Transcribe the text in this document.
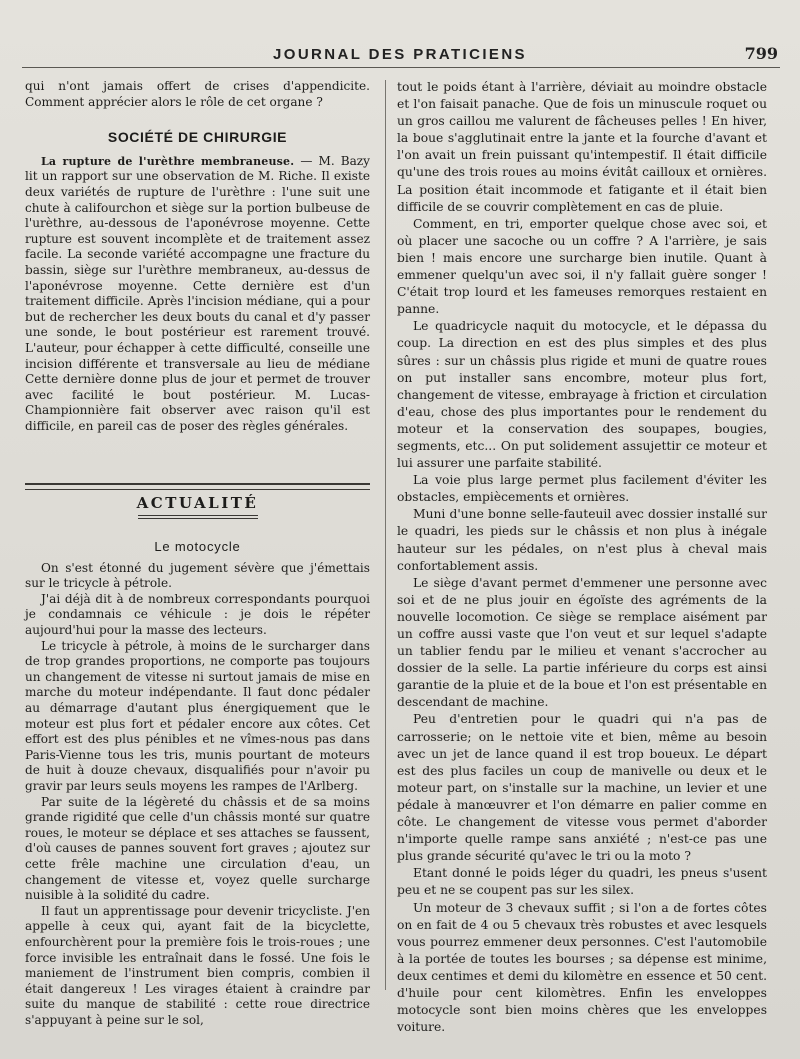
JOURNAL DES PRATICIENS	799

qui n'ont jamais offert de crises d'appendicite. Comment apprécier alors le rôle de cet organe ?

SOCIÉTÉ DE CHIRURGIE

La rupture de l'urèthre membraneuse. — M. Bazy lit un rapport sur une observation de M. Riche. Il existe deux variétés de rupture de l'urèthre : l'une suit une chute à califourchon et siège sur la portion bulbeuse de l'urèthre, au-dessous de l'aponévrose moyenne. Cette rupture est souvent incomplète et de traitement assez facile. La seconde variété accompagne une fracture du bassin, siège sur l'urèthre membraneux, au-dessus de l'aponévrose moyenne. Cette dernière est d'un traitement difficile. Après l'incision médiane, qui a pour but de rechercher les deux bouts du canal et d'y passer une sonde, le bout postérieur est rarement trouvé. L'auteur, pour échapper à cette difficulté, conseille une incision différente et transversale au lieu de médiane Cette dernière donne plus de jour et permet de trouver avec facilité le bout postérieur. M. Lucas-Championnière fait observer avec raison qu'il est difficile, en pareil cas de poser des règles générales.

ACTUALITÉ
Le motocycle

On s'est étonné du jugement sévère que j'émettais sur le tricycle à pétrole.

J'ai déjà dit à de nombreux correspondants pourquoi je condamnais ce véhicule : je dois le répéter aujourd'hui pour la masse des lecteurs.

Le tricycle à pétrole, à moins de le surcharger dans de trop grandes proportions, ne comporte pas toujours un changement de vitesse ni surtout jamais de mise en marche du moteur indépendante. Il faut donc pédaler au démarrage d'autant plus énergiquement que le moteur est plus fort et pédaler encore aux côtes. Cet effort est des plus pénibles et ne vîmes-nous pas dans Paris-Vienne tous les tris, munis pourtant de moteurs de huit à douze chevaux, disqualifiés pour n'avoir pu gravir par leurs seuls moyens les rampes de l'Arlberg.

Par suite de la légèreté du châssis et de sa moins grande rigidité que celle d'un châssis monté sur quatre roues, le moteur se déplace et ses attaches se faussent, d'où causes de pannes souvent fort graves ; ajoutez sur cette frêle machine une circulation d'eau, un changement de vitesse et, voyez quelle surcharge nuisible à la solidité du cadre.

Il faut un apprentissage pour devenir tricycliste. J'en appelle à ceux qui, ayant fait de la bicyclette, enfourchèrent pour la première fois le trois-roues ; une force invisible les entraînait dans le fossé. Une fois le maniement de l'instrument bien compris, combien il était dangereux ! Les virages étaient à craindre par suite du manque de stabilité : cette roue directrice s'appuyant à peine sur le sol,

tout le poids étant à l'arrière, déviait au moindre obstacle et l'on faisait panache. Que de fois un minuscule roquet ou un gros caillou me valurent de fâcheuses pelles ! En hiver, la boue s'agglutinait entre la jante et la fourche d'avant et l'on avait un frein puissant qu'intempestif. Il était difficile qu'une des trois roues au moins évitât cailloux et ornières. La position était incommode et fatigante et il était bien difficile de se couvrir complètement en cas de pluie.

Comment, en tri, emporter quelque chose avec soi, et où placer une sacoche ou un coffre ? A l'arrière, je sais bien ! mais encore une surcharge bien inutile. Quant à emmener quelqu'un avec soi, il n'y fallait guère songer ! C'était trop lourd et les fameuses remorques restaient en panne.

Le quadricycle naquit du motocycle, et le dépassa du coup. La direction en est des plus simples et des plus sûres : sur un châssis plus rigide et muni de quatre roues on put installer sans encombre, moteur plus fort, changement de vitesse, embrayage à friction et circulation d'eau, chose des plus importantes pour le rendement du moteur et la conservation des soupapes, bougies, segments, etc... On put solidement assujettir ce moteur et lui assurer une parfaite stabilité.

La voie plus large permet plus facilement d'éviter les obstacles, empiècements et ornières.

Muni d'une bonne selle-fauteuil avec dossier installé sur le quadri, les pieds sur le châssis et non plus à inégale hauteur sur les pédales, on n'est plus à cheval mais confortablement assis.

Le siège d'avant permet d'emmener une personne avec soi et de ne plus jouir en égoïste des agréments de la nouvelle locomotion. Ce siège se remplace aisément par un coffre aussi vaste que l'on veut et sur lequel s'adapte un tablier fendu par le milieu et venant s'accrocher au dossier de la selle. La partie inférieure du corps est ainsi garantie de la pluie et de la boue et l'on est présentable en descendant de machine.

Peu d'entretien pour le quadri qui n'a pas de carrosserie; on le nettoie vite et bien, même au besoin avec un jet de lance quand il est trop boueux. Le départ est des plus faciles un coup de manivelle ou deux et le moteur part, on s'installe sur la machine, un levier et une pédale à manœuvrer et l'on démarre en palier comme en côte. Le changement de vitesse vous permet d'aborder n'importe quelle rampe sans anxiété ; n'est-ce pas une plus grande sécurité qu'avec le tri ou la moto ?

Etant donné le poids léger du quadri, les pneus s'usent peu et ne se coupent pas sur les silex.

Un moteur de 3 chevaux suffit ; si l'on a de fortes côtes on en fait de 4 ou 5 chevaux très robustes et avec lesquels vous pourrez emmener deux personnes. C'est l'automobile à la portée de toutes les bourses ; sa dépense est minime, deux centimes et demi du kilomètre en essence et 50 cent. d'huile pour cent kilomètres. Enfin les enveloppes motocycle sont bien moins chères que les enveloppes voiture.
